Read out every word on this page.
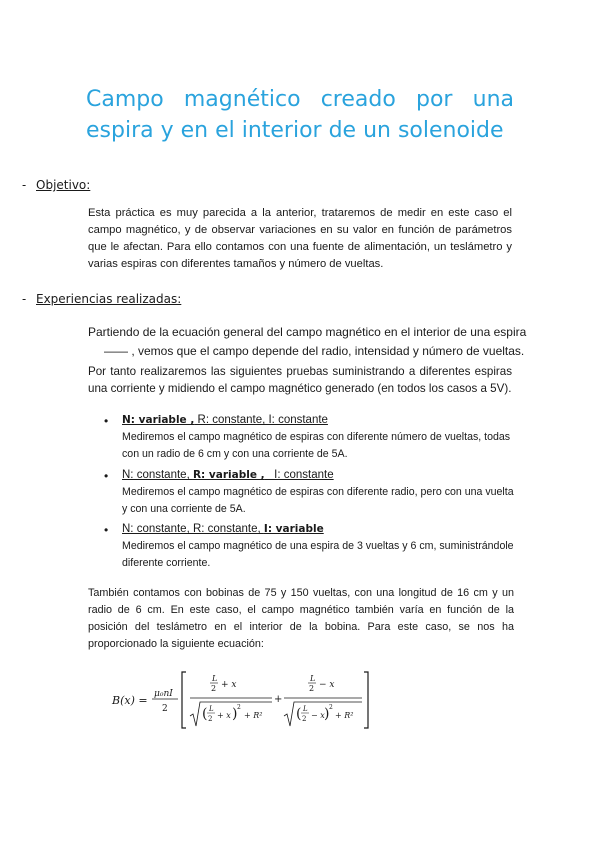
Campo magnético creado por una espira y en el interior de un solenoide
- Objetivo:

Esta práctica es muy parecida a la anterior, trataremos de medir en este caso el campo magnético, y de observar variaciones en su valor en función de parámetros que le afectan. Para ello contamos con una fuente de alimentación, un teslámetro y varias espiras con diferentes tamaños y número de vueltas.

- Experiencias realizadas:
Partiendo de la ecuación general del campo magnético en el interior de una espira
—— , vemos que el campo depende del radio, intensidad y número de vueltas.

Por tanto realizaremos las siguientes pruebas suministrando a diferentes espiras una corriente y midiendo el campo magnético generado (en todos los casos a 5V).

• N: variable , R: constante, I: constante

Mediremos el campo magnético de espiras con diferente número de vueltas, todas con un radio de 6 cm y con una corriente de 5A.

• N: constante, R: variable ,   I: constante

Mediremos el campo magnético de espiras con diferente radio, pero con una vuelta y con una corriente de 5A.

• N: constante, R: constante, I: variable

Mediremos el campo magnético de una espira de 3 vueltas y 6 cm, suministrándole diferente corriente.

También contamos con bobinas de 75 y 150 vueltas, con una longitud de 16 cm y un radio de 6 cm. En este caso, el campo magnético también varía en función de la posición del teslámetro en el interior de la bobina. Para este caso, se nos ha proporcionado la siguiente ecuación:

B(x) = μ₀nI
2
L
2 + x
( L
2 + x ) 2
+ R²
+
L
2 − x
( L
2 − x ) 2
+ R²
